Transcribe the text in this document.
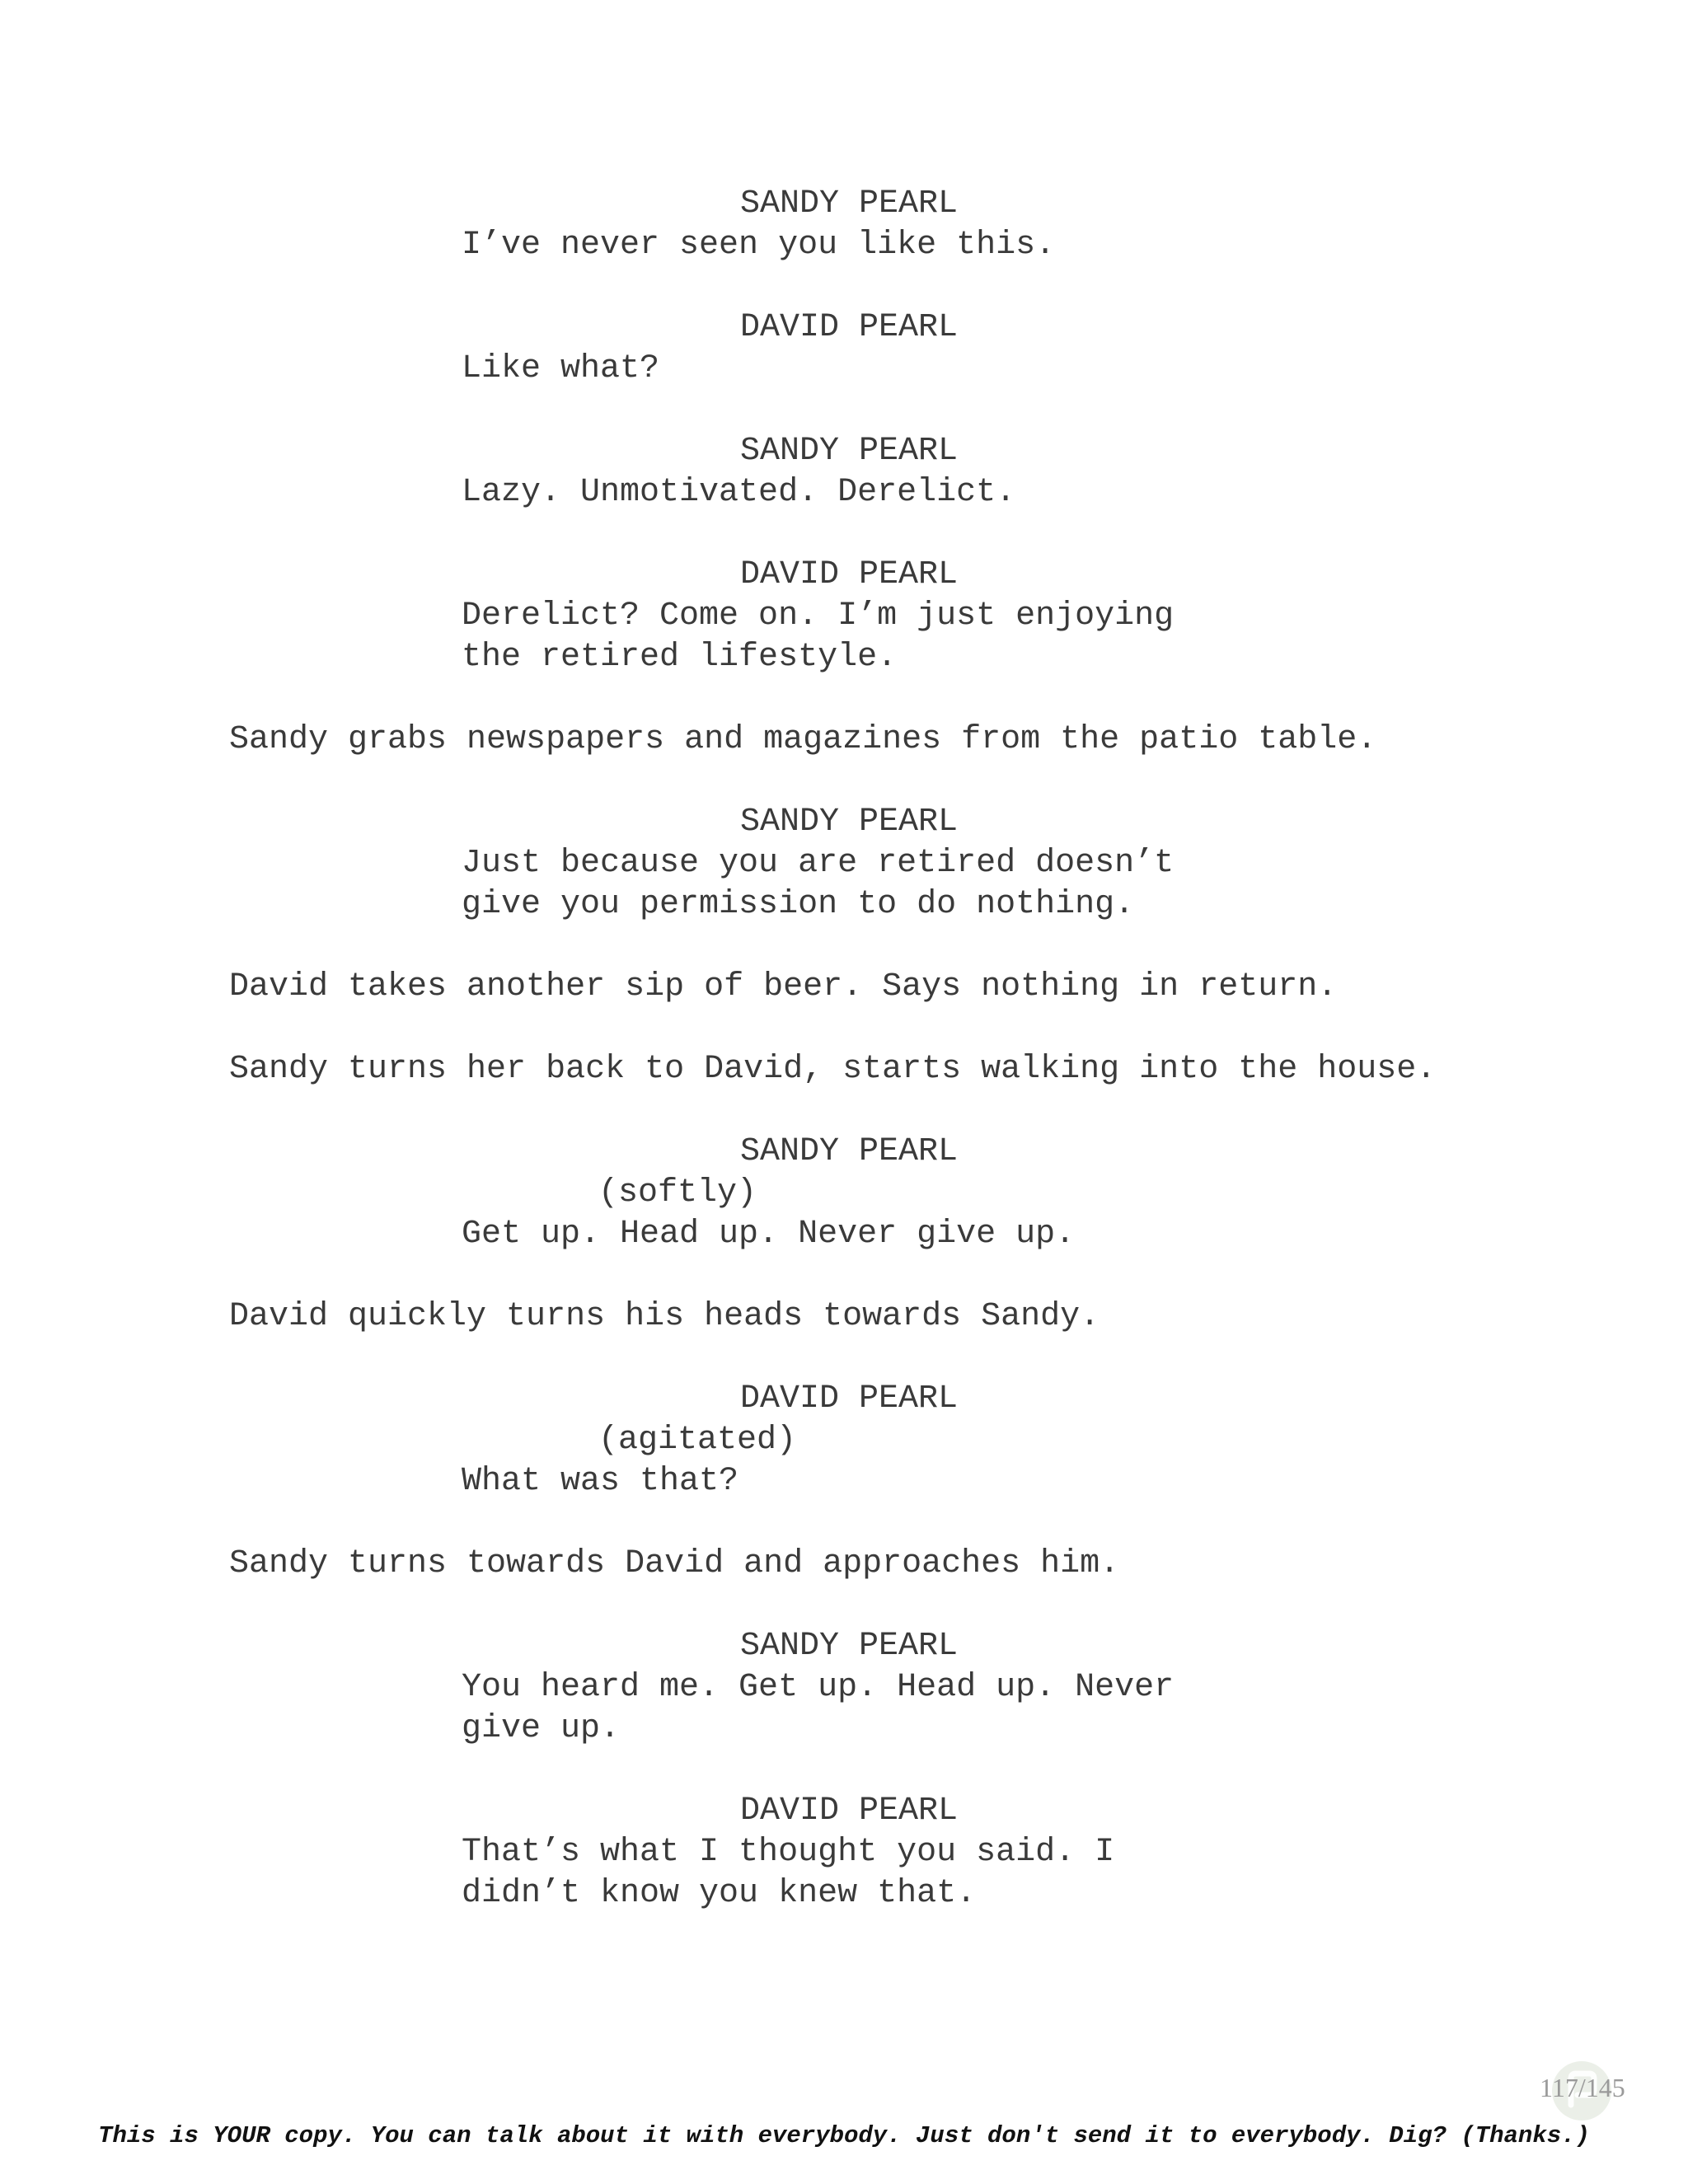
SANDY PEARL
I’ve never seen you like this.
DAVID PEARL
Like what?
SANDY PEARL
Lazy. Unmotivated. Derelict.
DAVID PEARL
Derelict? Come on. I’m just enjoying
the retired lifestyle.
Sandy grabs newspapers and magazines from the patio table.
SANDY PEARL
Just because you are retired doesn’t
give you permission to do nothing.
David takes another sip of beer. Says nothing in return.
Sandy turns her back to David, starts walking into the house.
SANDY PEARL
(softly)
Get up. Head up. Never give up.
David quickly turns his heads towards Sandy.
DAVID PEARL
(agitated)
What was that?
Sandy turns towards David and approaches him.
SANDY PEARL
You heard me. Get up. Head up. Never
give up.
DAVID PEARL
That’s what I thought you said. I
didn’t know you knew that.
117/145
This is YOUR copy. You can talk about it with everybody. Just don't send it to everybody. Dig? (Thanks.)
